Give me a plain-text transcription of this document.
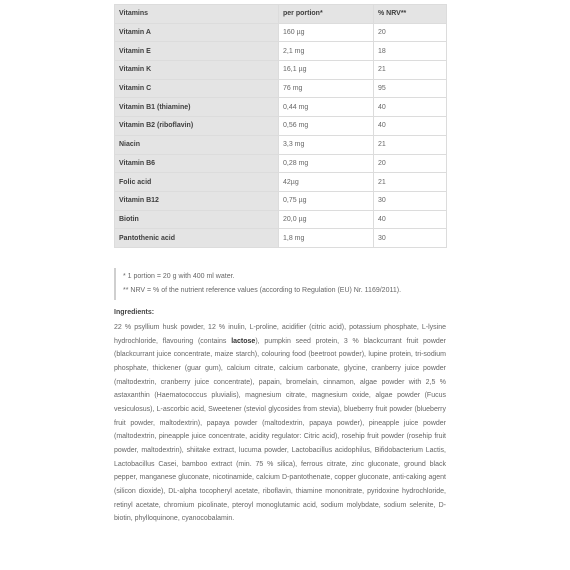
Vitamins	per portion*	% NRV**
Vitamin A	160 µg	20
Vitamin E	2,1 mg	18
Vitamin K	16,1 µg	21
Vitamin C	76 mg	95
Vitamin B1 (thiamine)	0,44 mg	40
Vitamin B2 (riboflavin)	0,56 mg	40
Niacin	3,3 mg	21
Vitamin B6	0,28 mg	20
Folic acid	42µg	21
Vitamin B12	0,75 µg	30
Biotin	20,0 µg	40
Pantothenic acid	1,8 mg	30
* 1 portion = 20 g with 400 ml water.
** NRV = % of the nutrient reference values (according to Regulation (EU) Nr. 1169/2011).
Ingredients:

22 % psyllium husk powder, 12 % inulin, L-proline, acidifier (citric acid), potassium phosphate, L-lysine hydrochloride, flavouring (contains lactose), pumpkin seed protein, 3 % blackcurrant fruit powder (blackcurrant juice concentrate, maize starch), colouring food (beetroot powder), lupine protein, tri-sodium phosphate, thickener (guar gum), calcium citrate, calcium carbonate, glycine, cranberry juice powder (maltodextrin, cranberry juice concentrate), papain, bromelain, cinnamon, algae powder with 2,5 % astaxanthin (Haematococcus pluvialis), magnesium citrate, magnesium oxide, algae powder (Fucus vesiculosus), L-ascorbic acid, Sweetener (steviol glycosides from stevia), blueberry fruit powder (blueberry fruit powder, maltodextrin), papaya powder (maltodextrin, papaya powder), pineapple juice powder (maltodextrin, pineapple juice concentrate, acidity regulator: Citric acid), rosehip fruit powder (rosehip fruit powder, maltodextrin), shiitake extract, lucuma powder, Lactobacillus acidophilus, Bifidobacterium Lactis, Lactobacillus Casei, bamboo extract (min. 75 % silica), ferrous citrate, zinc gluconate, ground black pepper, manganese gluconate, nicotinamide, calcium D-pantothenate, copper gluconate, anti-caking agent (silicon dioxide), DL-alpha tocopheryl acetate, riboflavin, thiamine mononitrate, pyridoxine hydrochloride, retinyl acetate, chromium picolinate, pteroyl monoglutamic acid, sodium molybdate, sodium selenite, D-biotin, phylloquinone, cyanocobalamin.
